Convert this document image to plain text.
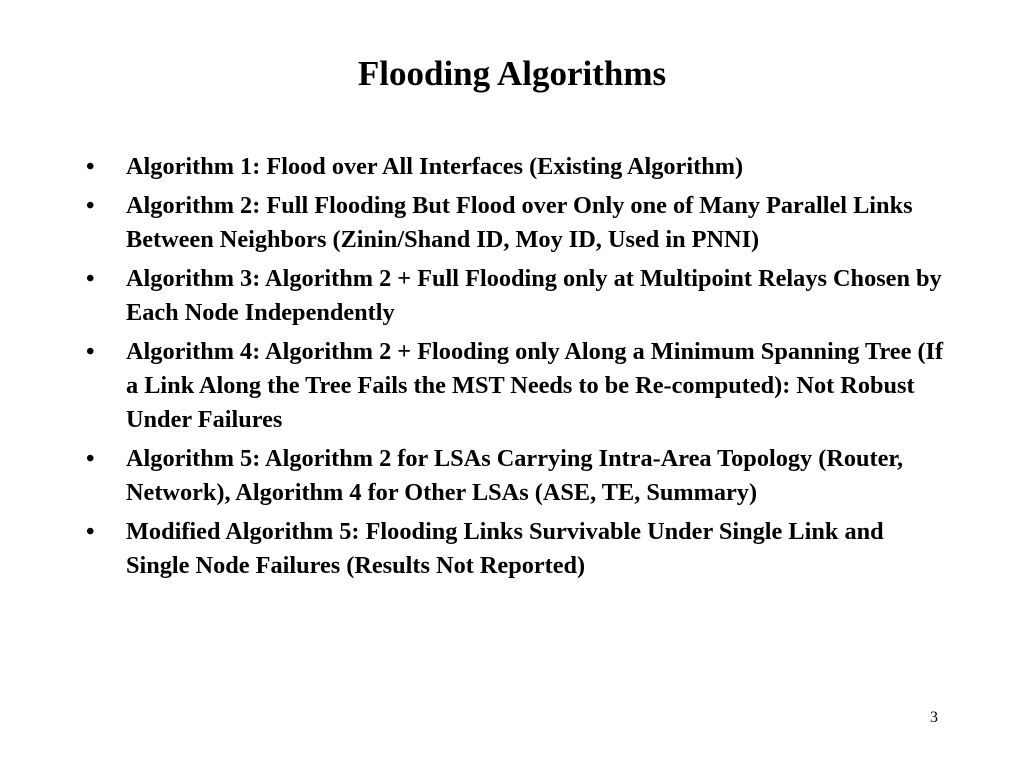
Flooding Algorithms
• Algorithm 1: Flood over All Interfaces (Existing Algorithm)
• Algorithm 2: Full Flooding But Flood over Only one of Many Parallel Links Between Neighbors (Zinin/Shand ID, Moy ID, Used in PNNI)
• Algorithm 3: Algorithm 2 + Full Flooding only at Multipoint Relays Chosen by Each Node Independently
• Algorithm 4: Algorithm 2 + Flooding only Along a Minimum Spanning Tree (If a Link Along the Tree Fails the MST Needs to be Re-computed): Not Robust Under Failures
• Algorithm 5: Algorithm 2 for LSAs Carrying Intra-Area Topology (Router, Network), Algorithm 4 for Other LSAs (ASE, TE, Summary)
• Modified Algorithm 5: Flooding Links Survivable Under Single Link and Single Node Failures (Results Not Reported)
3
